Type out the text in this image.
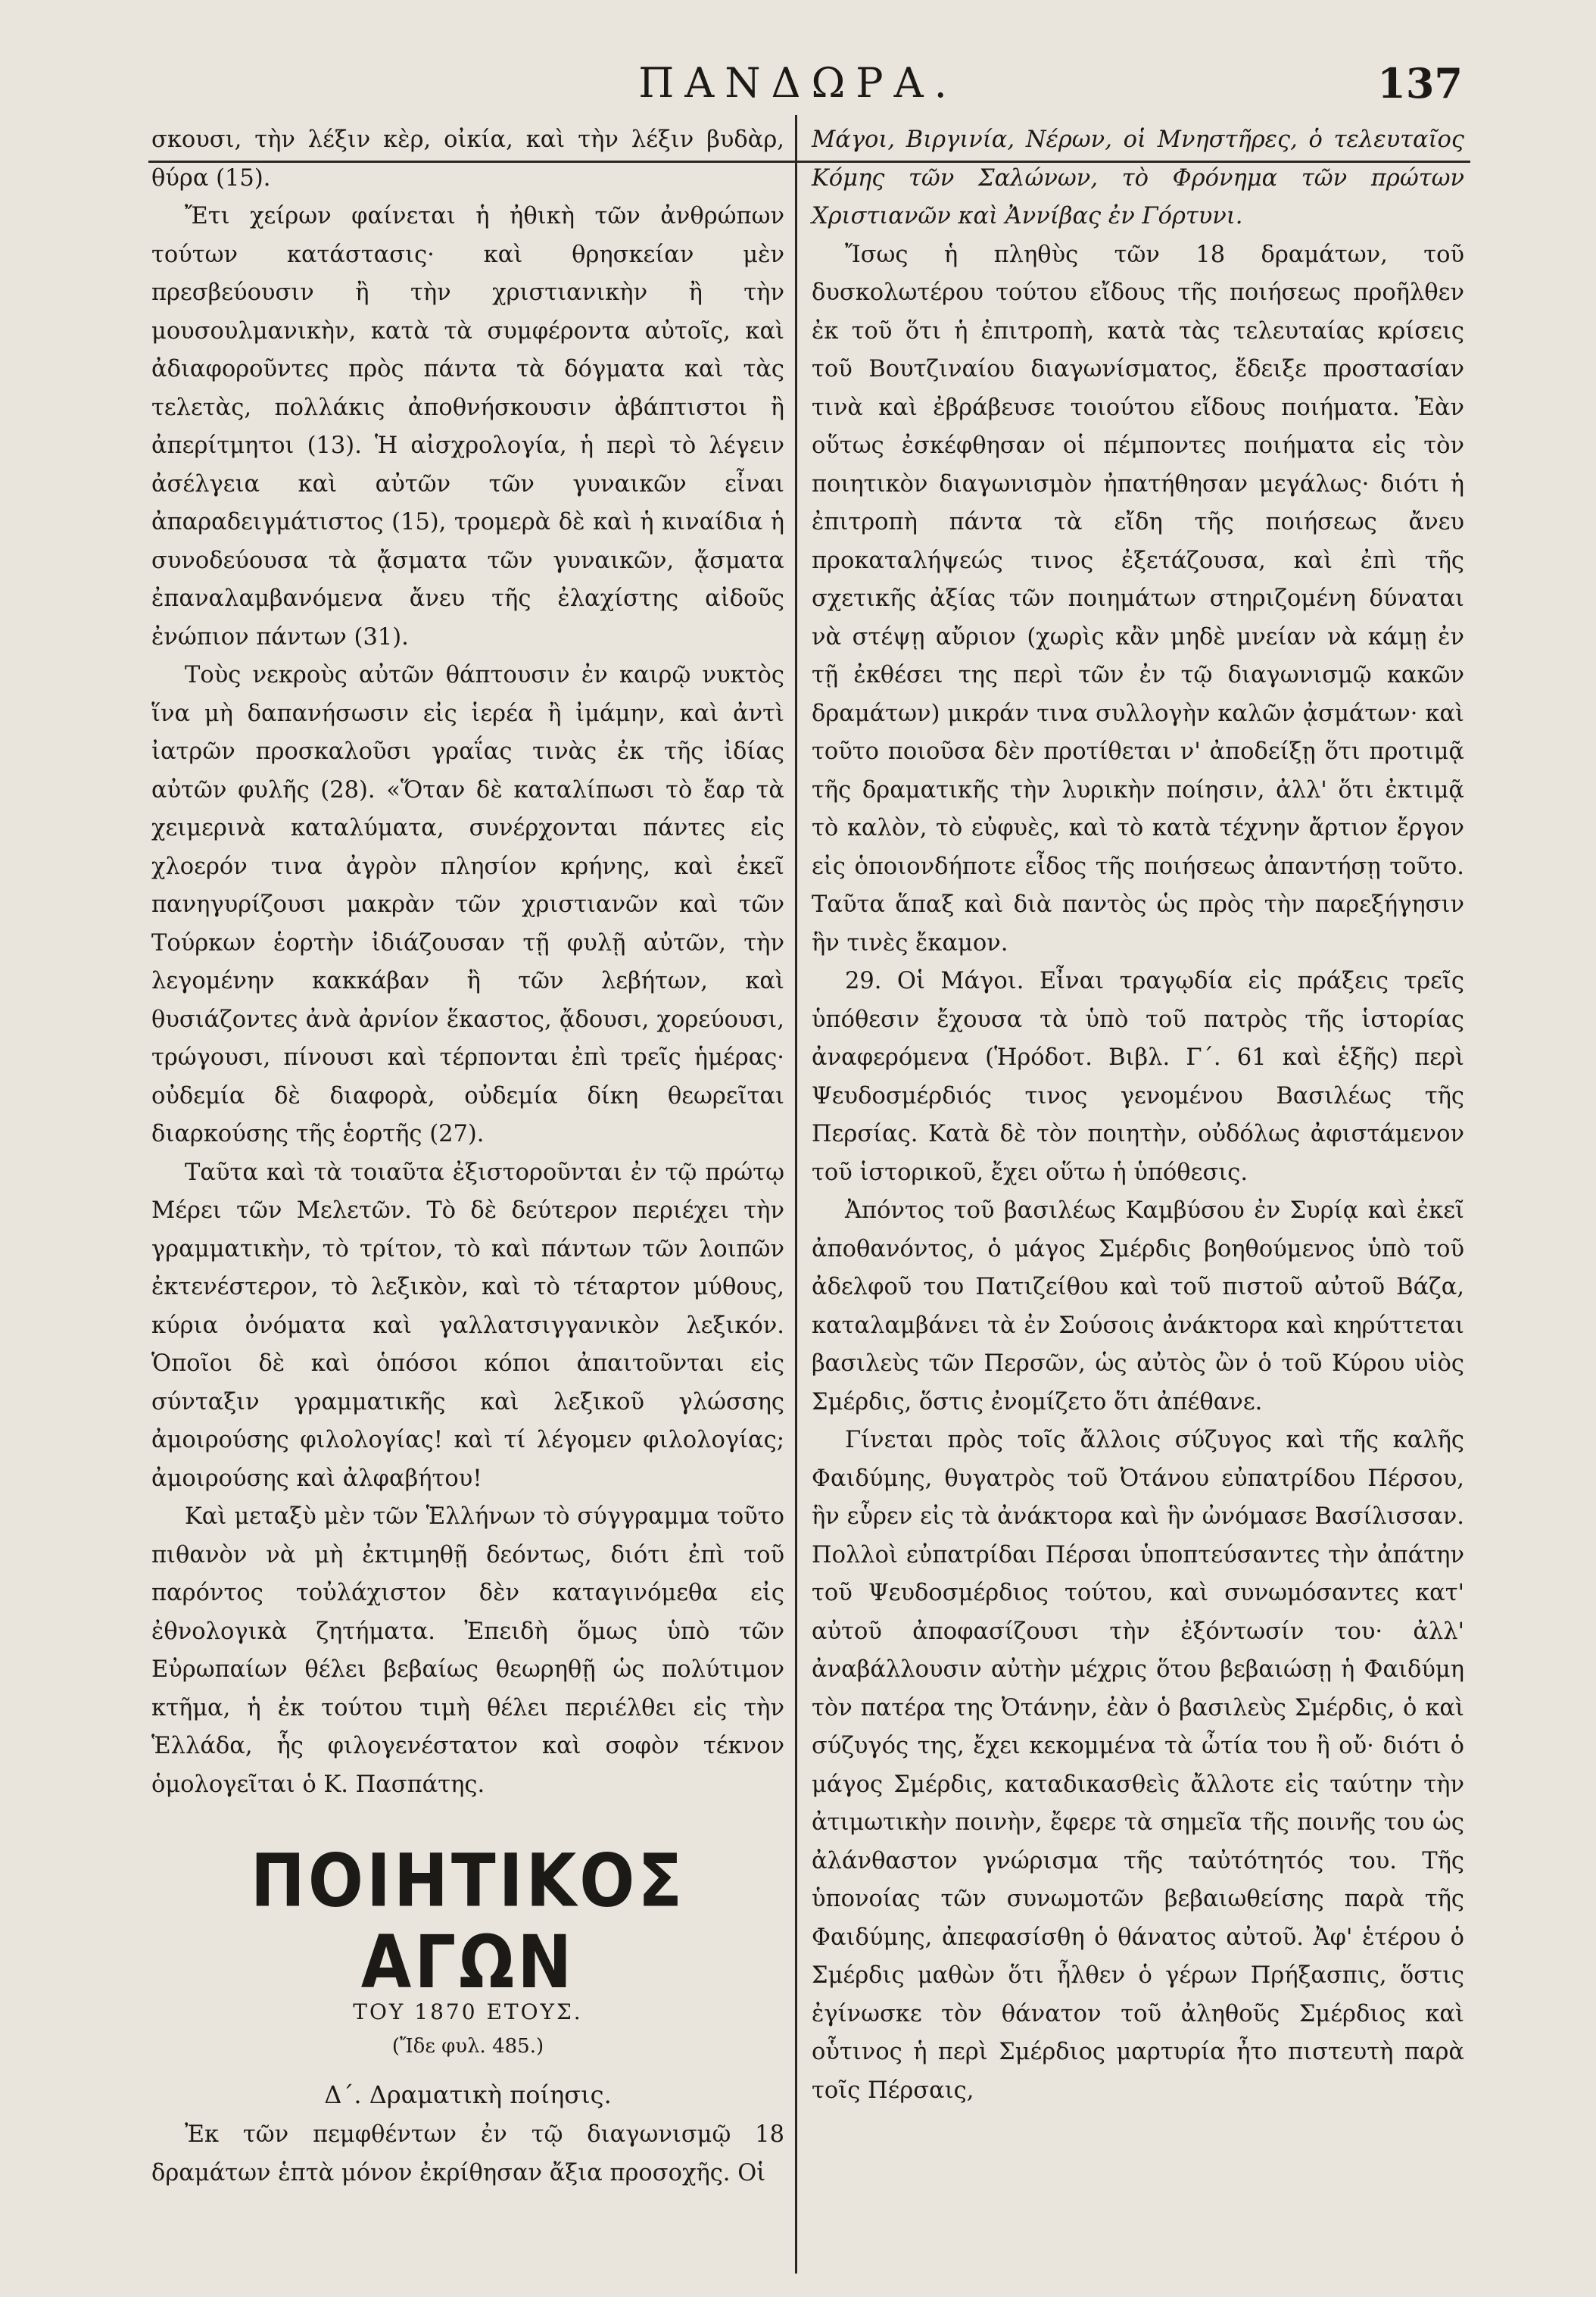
ΠΑΝΔΩΡΑ.	137

σκουσι, τὴν λέξιν κὲρ, οἰκία, καὶ τὴν λέξιν βυδὰρ, θύρα (15).

Ἔτι χείρων φαίνεται ἡ ἠθικὴ τῶν ἀνθρώπων τούτων κατάστασις· καὶ θρησκείαν μὲν πρεσβεύουσιν ἢ τὴν χριστιανικὴν ἢ τὴν μουσουλμανικὴν, κατὰ τὰ συμφέροντα αὐτοῖς, καὶ ἀδιαφοροῦντες πρὸς πάντα τὰ δόγματα καὶ τὰς τελετὰς, πολλάκις ἀποθνήσκουσιν ἀβάπτιστοι ἢ ἀπερίτμητοι (13). Ἡ αἰσχρολογία, ἡ περὶ τὸ λέγειν ἀσέλγεια καὶ αὐτῶν τῶν γυναικῶν εἶναι ἀπαραδειγμάτιστος (15), τρομερὰ δὲ καὶ ἡ κιναίδια ἡ συνοδεύουσα τὰ ᾄσματα τῶν γυναικῶν, ᾄσματα ἐπαναλαμβανόμενα ἄνευ τῆς ἐλαχίστης αἰδοῦς ἐνώπιον πάντων (31).

Τοὺς νεκροὺς αὐτῶν θάπτουσιν ἐν καιρῷ νυκτὸς ἵνα μὴ δαπανήσωσιν εἰς ἱερέα ἢ ἰμάμην, καὶ ἀντὶ ἰατρῶν προσκαλοῦσι γραΐας τινὰς ἐκ τῆς ἰδίας αὐτῶν φυλῆς (28). «Ὅταν δὲ καταλίπωσι τὸ ἔαρ τὰ χειμερινὰ καταλύματα, συνέρχονται πάντες εἰς χλοερόν τινα ἀγρὸν πλησίον κρήνης, καὶ ἐκεῖ πανηγυρίζουσι μακρὰν τῶν χριστιανῶν καὶ τῶν Τούρκων ἑορτὴν ἰδιάζουσαν τῇ φυλῇ αὐτῶν, τὴν λεγομένην κακκάβαν ἢ τῶν λεβήτων, καὶ θυσιάζοντες ἀνὰ ἀρνίον ἕκαστος, ᾄδουσι, χορεύουσι, τρώγουσι, πίνουσι καὶ τέρπονται ἐπὶ τρεῖς ἡμέρας· οὐδεμία δὲ διαφορὰ, οὐδεμία δίκη θεωρεῖται διαρκούσης τῆς ἑορτῆς (27).

Ταῦτα καὶ τὰ τοιαῦτα ἐξιστοροῦνται ἐν τῷ πρώτῳ Μέρει τῶν Μελετῶν. Τὸ δὲ δεύτερον περιέχει τὴν γραμματικὴν, τὸ τρίτον, τὸ καὶ πάντων τῶν λοιπῶν ἐκτενέστερον, τὸ λεξικὸν, καὶ τὸ τέταρτον μύθους, κύρια ὀνόματα καὶ γαλλατσιγγανικὸν λεξικόν. Ὁποῖοι δὲ καὶ ὁπόσοι κόποι ἀπαιτοῦνται εἰς σύνταξιν γραμματικῆς καὶ λεξικοῦ γλώσσης ἀμοιρούσης φιλολογίας! καὶ τί λέγομεν φιλολογίας; ἀμοιρούσης καὶ ἀλφαβήτου!

Καὶ μεταξὺ μὲν τῶν Ἑλλήνων τὸ σύγγραμμα τοῦτο πιθανὸν νὰ μὴ ἐκτιμηθῇ δεόντως, διότι ἐπὶ τοῦ παρόντος τοὐλάχιστον δὲν καταγινόμεθα εἰς ἐθνολογικὰ ζητήματα. Ἐπειδὴ ὅμως ὑπὸ τῶν Εὐρωπαίων θέλει βεβαίως θεωρηθῇ ὡς πολύτιμον κτῆμα, ἡ ἐκ τούτου τιμὴ θέλει περιέλθει εἰς τὴν Ἑλλάδα, ἧς φιλογενέστατον καὶ σοφὸν τέκνον ὁμολογεῖται ὁ Κ. Πασπάτης.

ΠΟΙΗΤΙΚΟΣ ΑΓΩΝ
ΤΟΥ 1870 ΕΤΟΥΣ.
(Ἴδε φυλ. 485.)
Δ΄. Δραματικὴ ποίησις.

Ἐκ τῶν πεμφθέντων ἐν τῷ διαγωνισμῷ 18 δραμάτων ἑπτὰ μόνον ἐκρίθησαν ἄξια προσοχῆς. Οἱ

Μάγοι, Βιργινία, Νέρων, οἱ Μνηστῆρες, ὁ τελευταῖος Κόμης τῶν Σαλώνων, τὸ Φρόνημα τῶν πρώτων Χριστιανῶν καὶ Ἀννίβας ἐν Γόρτυνι.

Ἴσως ἡ πληθὺς τῶν 18 δραμάτων, τοῦ δυσκολωτέρου τούτου εἴδους τῆς ποιήσεως προῆλθεν ἐκ τοῦ ὅτι ἡ ἐπιτροπὴ, κατὰ τὰς τελευταίας κρίσεις τοῦ Βουτζιναίου διαγωνίσματος, ἔδειξε προστασίαν τινὰ καὶ ἐβράβευσε τοιούτου εἴδους ποιήματα. Ἐὰν οὕτως ἐσκέφθησαν οἱ πέμποντες ποιήματα εἰς τὸν ποιητικὸν διαγωνισμὸν ἠπατήθησαν μεγάλως· διότι ἡ ἐπιτροπὴ πάντα τὰ εἴδη τῆς ποιήσεως ἄνευ προκαταλήψεώς τινος ἐξετάζουσα, καὶ ἐπὶ τῆς σχετικῆς ἀξίας τῶν ποιημάτων στηριζομένη δύναται νὰ στέψῃ αὔριον (χωρὶς κἂν μηδὲ μνείαν νὰ κάμῃ ἐν τῇ ἐκθέσει της περὶ τῶν ἐν τῷ διαγωνισμῷ κακῶν δραμάτων) μικράν τινα συλλογὴν καλῶν ᾀσμάτων· καὶ τοῦτο ποιοῦσα δὲν προτίθεται ν' ἀποδείξῃ ὅτι προτιμᾷ τῆς δραματικῆς τὴν λυρικὴν ποίησιν, ἀλλ' ὅτι ἐκτιμᾷ τὸ καλὸν, τὸ εὐφυὲς, καὶ τὸ κατὰ τέχνην ἄρτιον ἔργον εἰς ὁποιονδήποτε εἶδος τῆς ποιήσεως ἀπαντήσῃ τοῦτο. Ταῦτα ἅπαξ καὶ διὰ παντὸς ὡς πρὸς τὴν παρεξήγησιν ἣν τινὲς ἔκαμον.

29. Οἱ Μάγοι. Εἶναι τραγῳδία εἰς πράξεις τρεῖς ὑπόθεσιν ἔχουσα τὰ ὑπὸ τοῦ πατρὸς τῆς ἱστορίας ἀναφερόμενα (Ἡρόδοτ. Βιβλ. Γ΄. 61 καὶ ἑξῆς) περὶ Ψευδοσμέρδιός τινος γενομένου Βασιλέως τῆς Περσίας. Κατὰ δὲ τὸν ποιητὴν, οὐδόλως ἀφιστάμενον τοῦ ἱστορικοῦ, ἔχει οὕτω ἡ ὑπόθεσις.

Ἀπόντος τοῦ βασιλέως Καμβύσου ἐν Συρίᾳ καὶ ἐκεῖ ἀποθανόντος, ὁ μάγος Σμέρδις βοηθούμενος ὑπὸ τοῦ ἀδελφοῦ του Πατιζείθου καὶ τοῦ πιστοῦ αὐτοῦ Βάζα, καταλαμβάνει τὰ ἐν Σούσοις ἀνάκτορα καὶ κηρύττεται βασιλεὺς τῶν Περσῶν, ὡς αὐτὸς ὢν ὁ τοῦ Κύρου υἱὸς Σμέρδις, ὅστις ἐνομίζετο ὅτι ἀπέθανε.

Γίνεται πρὸς τοῖς ἄλλοις σύζυγος καὶ τῆς καλῆς Φαιδύμης, θυγατρὸς τοῦ Ὀτάνου εὐπατρίδου Πέρσου, ἣν εὗρεν εἰς τὰ ἀνάκτορα καὶ ἣν ὠνόμασε Βασίλισσαν. Πολλοὶ εὐπατρίδαι Πέρσαι ὑποπτεύσαντες τὴν ἀπάτην τοῦ Ψευδοσμέρδιος τούτου, καὶ συνωμόσαντες κατ' αὐτοῦ ἀποφασίζουσι τὴν ἐξόντωσίν του· ἀλλ' ἀναβάλλουσιν αὐτὴν μέχρις ὅτου βεβαιώσῃ ἡ Φαιδύμη τὸν πατέρα της Ὀτάνην, ἐὰν ὁ βασιλεὺς Σμέρδις, ὁ καὶ σύζυγός της, ἔχει κεκομμένα τὰ ὦτία του ἢ οὔ· διότι ὁ μάγος Σμέρδις, καταδικασθεὶς ἄλλοτε εἰς ταύτην τὴν ἀτιμωτικὴν ποινὴν, ἔφερε τὰ σημεῖα τῆς ποινῆς του ὡς ἀλάνθαστον γνώρισμα τῆς ταὐτότητός του. Τῆς ὑπονοίας τῶν συνωμοτῶν βεβαιωθείσης παρὰ τῆς Φαιδύμης, ἀπεφασίσθη ὁ θάνατος αὐτοῦ. Ἀφ' ἑτέρου ὁ Σμέρδις μαθὼν ὅτι ἦλθεν ὁ γέρων Πρήξασπις, ὅστις ἐγίνωσκε τὸν θάνατον τοῦ ἀληθοῦς Σμέρδιος καὶ οὗτινος ἡ περὶ Σμέρδιος μαρτυρία ἦτο πιστευτὴ παρὰ τοῖς Πέρσαις,
